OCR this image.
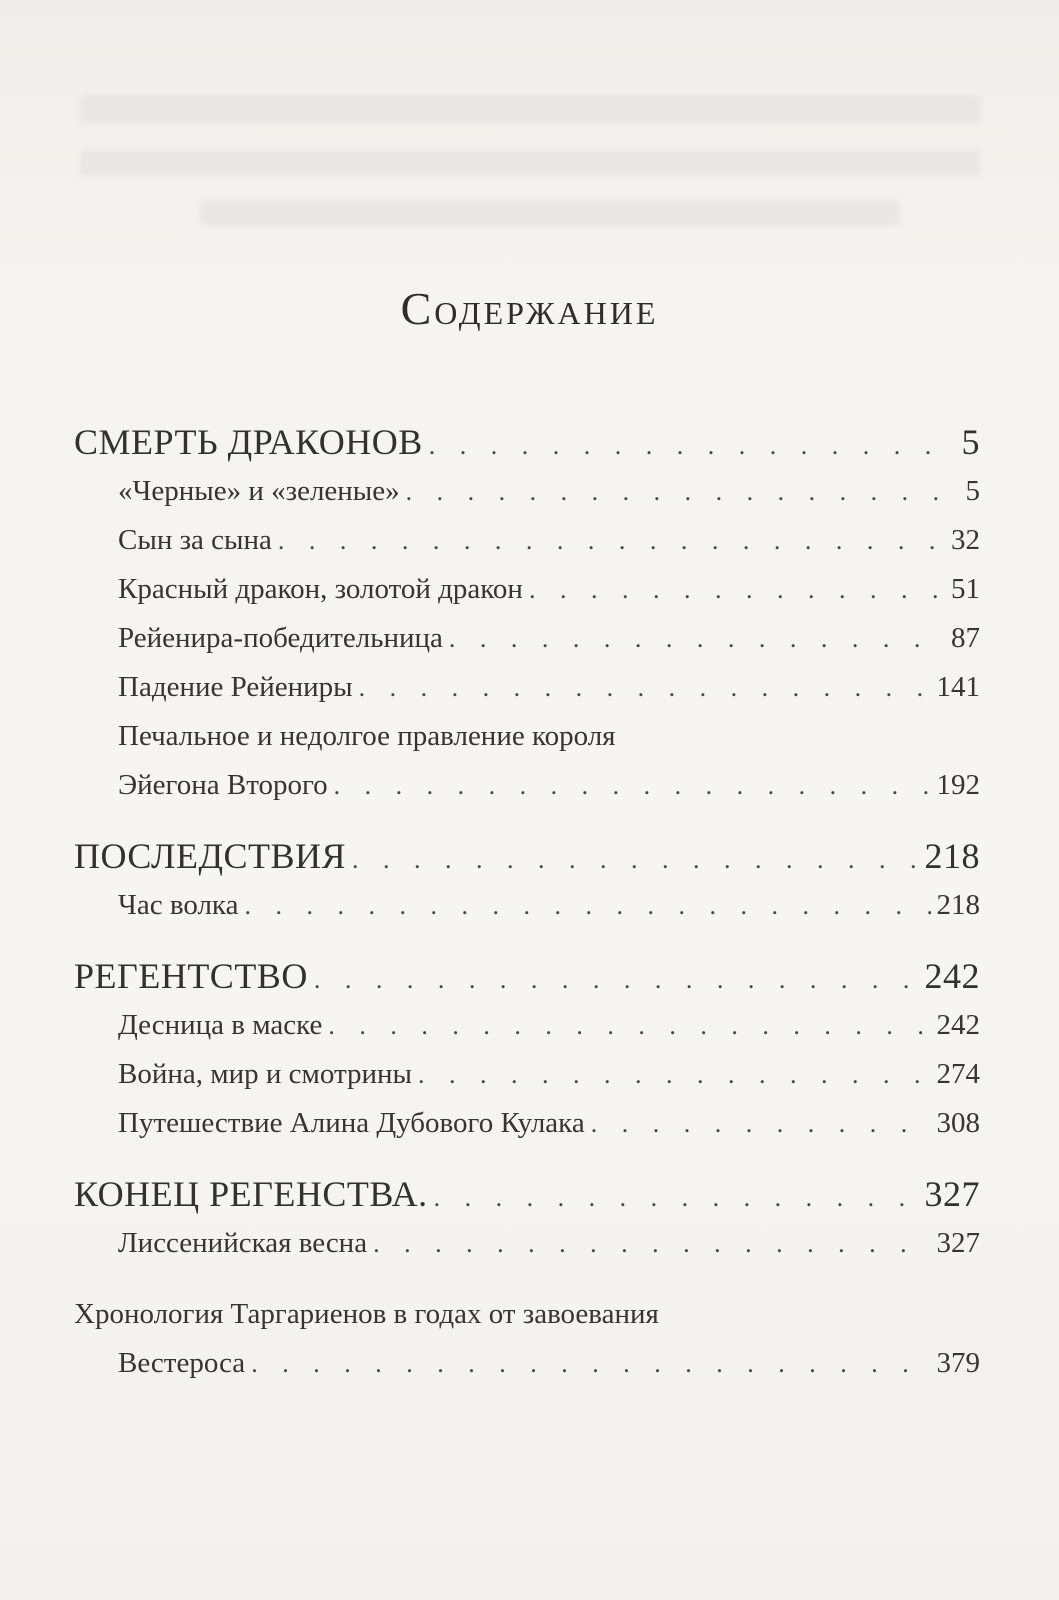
Содержание
СМЕРТЬ ДРАКОНОВ . . .	5
«Черные» и «зеленые» . . .	5
Сын за сына . . .	32
Красный дракон, золотой дракон . . .	51
Рейенира-победительница . . .	87
Падение Рейениры . . .	141
Печальное и недолгое правление короля
Эйегона Второго . . .	192
ПОСЛЕДСТВИЯ . . .	218
Час волка . . .	218
РЕГЕНТСТВО . . .	242
Десница в маске . . .	242
Война, мир и смотрины . . .	274
Путешествие Алина Дубового Кулака . . .	308
КОНЕЦ РЕГЕНСТВА. . . .	327
Лиссенийская весна . . .	327
Хронология Таргариенов в годах от завоевания
Вестероса . . .	379
